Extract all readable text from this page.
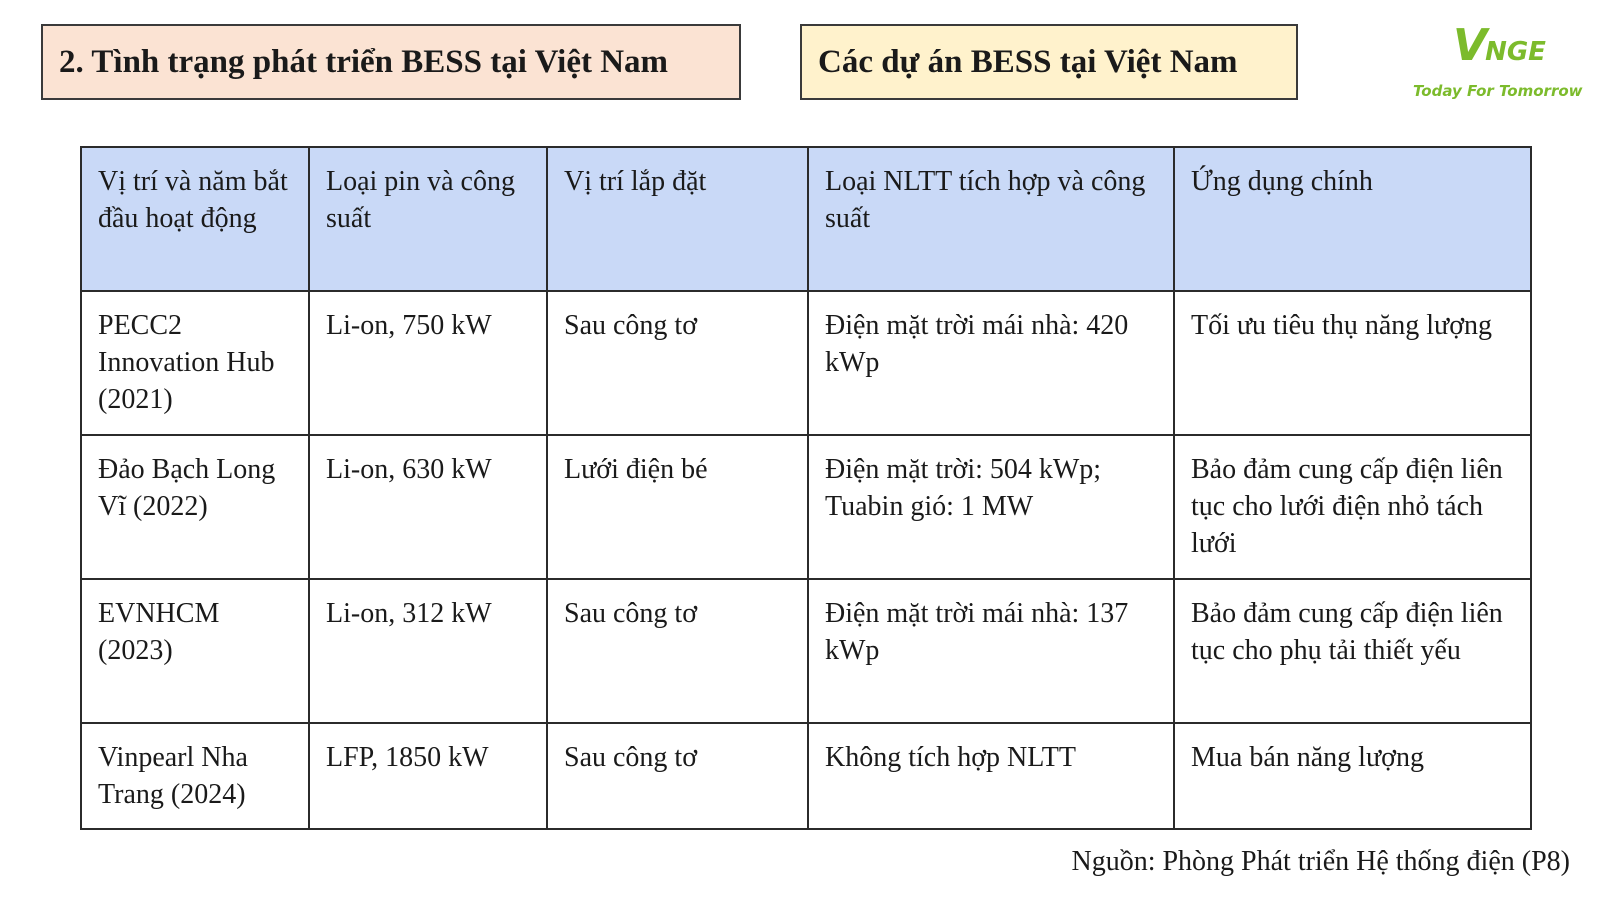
2. Tình trạng phát triển BESS tại Việt Nam	Các dự án BESS tại Việt Nam	VNGE
Today For Tomorrow
Vị trí và năm bắt đầu hoạt động	Loại pin và công suất	Vị trí lắp đặt	Loại NLTT tích hợp và công suất	Ứng dụng chính
PECC2 Innovation Hub (2021)	Li-on, 750 kW	Sau công tơ	Điện mặt trời mái nhà: 420 kWp	Tối ưu tiêu thụ năng lượng
Đảo Bạch Long Vĩ (2022)	Li-on, 630 kW	Lưới điện bé	Điện mặt trời: 504 kWp; Tuabin gió: 1 MW	Bảo đảm cung cấp điện liên tục cho lưới điện nhỏ tách lưới
EVNHCM (2023)	Li-on, 312 kW	Sau công tơ	Điện mặt trời mái nhà: 137 kWp	Bảo đảm cung cấp điện liên tục cho phụ tải thiết yếu
Vinpearl Nha Trang (2024)	LFP, 1850 kW	Sau công tơ	Không tích hợp NLTT	Mua bán năng lượng
Nguồn: Phòng Phát triển Hệ thống điện (P8)
